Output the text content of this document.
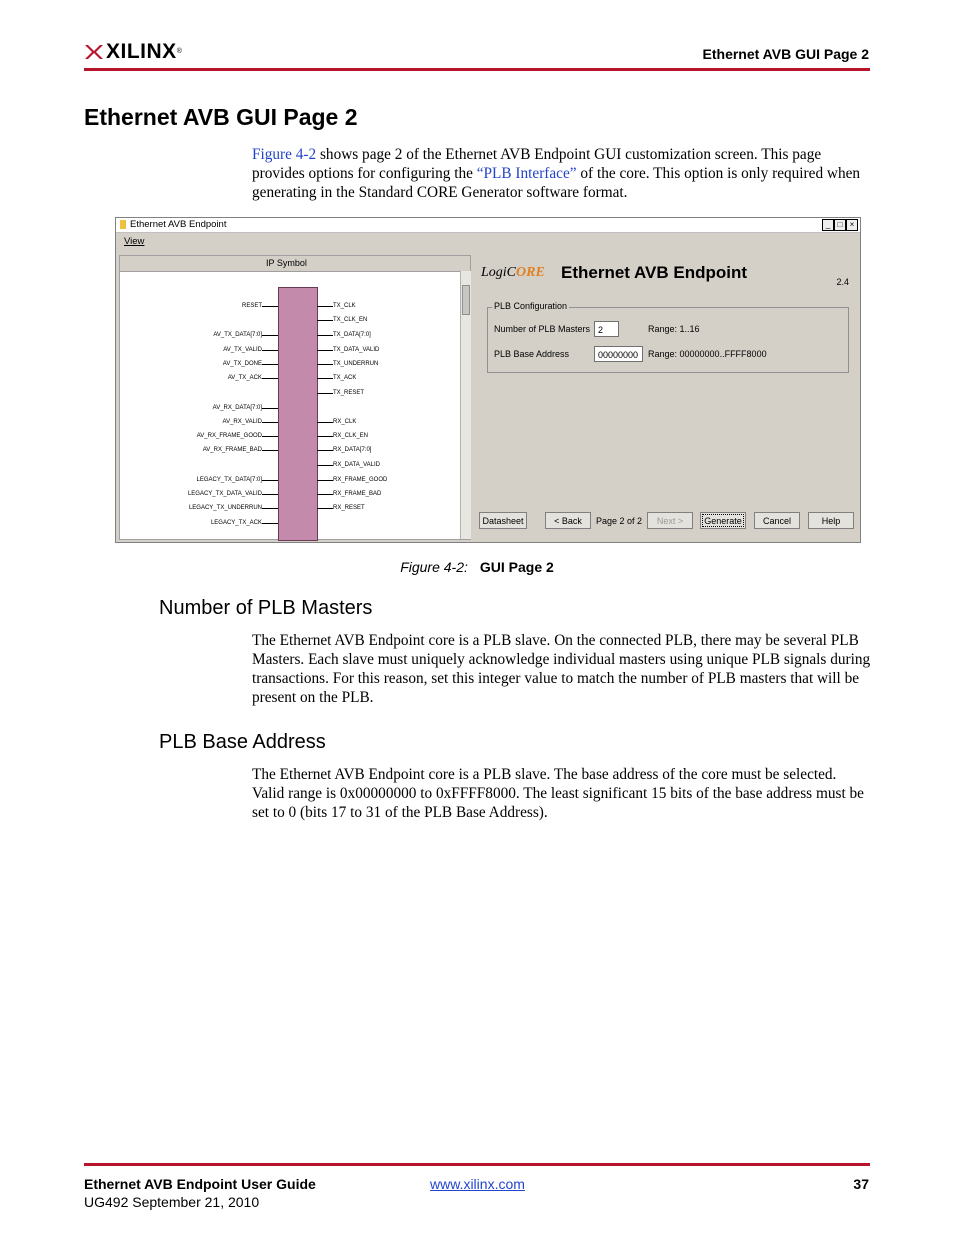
XILINX®	Ethernet AVB GUI Page 2
Ethernet AVB GUI Page 2

Figure 4-2 shows page 2 of the Ethernet AVB Endpoint GUI customization screen. This page provides options for configuring the “PLB Interface” of the core. This option is only required when generating in the Standard CORE Generator software format.

Ethernet AVB Endpoint	_ □ ×
View
IP Symbol
RESET
AV_TX_DATA[7:0]
AV_TX_VALID
AV_TX_DONE
AV_TX_ACK
AV_RX_DATA[7:0]
AV_RX_VALID
AV_RX_FRAME_GOOD
AV_RX_FRAME_BAD
LEGACY_TX_DATA[7:0]
LEGACY_TX_DATA_VALID
LEGACY_TX_UNDERRUN
LEGACY_TX_ACK
TX_CLK
TX_CLK_EN
TX_DATA[7:0]
TX_DATA_VALID
TX_UNDERRUN
TX_ACK
TX_RESET
RX_CLK
RX_CLK_EN
RX_DATA[7:0]
RX_DATA_VALID
RX_FRAME_GOOD
RX_FRAME_BAD
RX_RESET
LogiCORE Ethernet AVB Endpoint	2.4
PLB Configuration
Number of PLB Masters 2	Range: 1..16
PLB Base Address	00000000	Range: 00000000..FFFF8000
Datasheet	< Back	Page 2 of 2	Next >	Generate	Cancel	Help
Figure 4-2: GUI Page 2
Number of PLB Masters

The Ethernet AVB Endpoint core is a PLB slave. On the connected PLB, there may be several PLB Masters. Each slave must uniquely acknowledge individual masters using unique PLB signals during transactions. For this reason, set this integer value to match the number of PLB masters that will be present on the PLB.

PLB Base Address

The Ethernet AVB Endpoint core is a PLB slave. The base address of the core must be selected. Valid range is 0x00000000 to 0xFFFF8000. The least significant 15 bits of the base address must be set to 0 (bits 17 to 31 of the PLB Base Address).

Ethernet AVB Endpoint User Guide
UG492 September 21, 2010
www.xilinx.com	37
